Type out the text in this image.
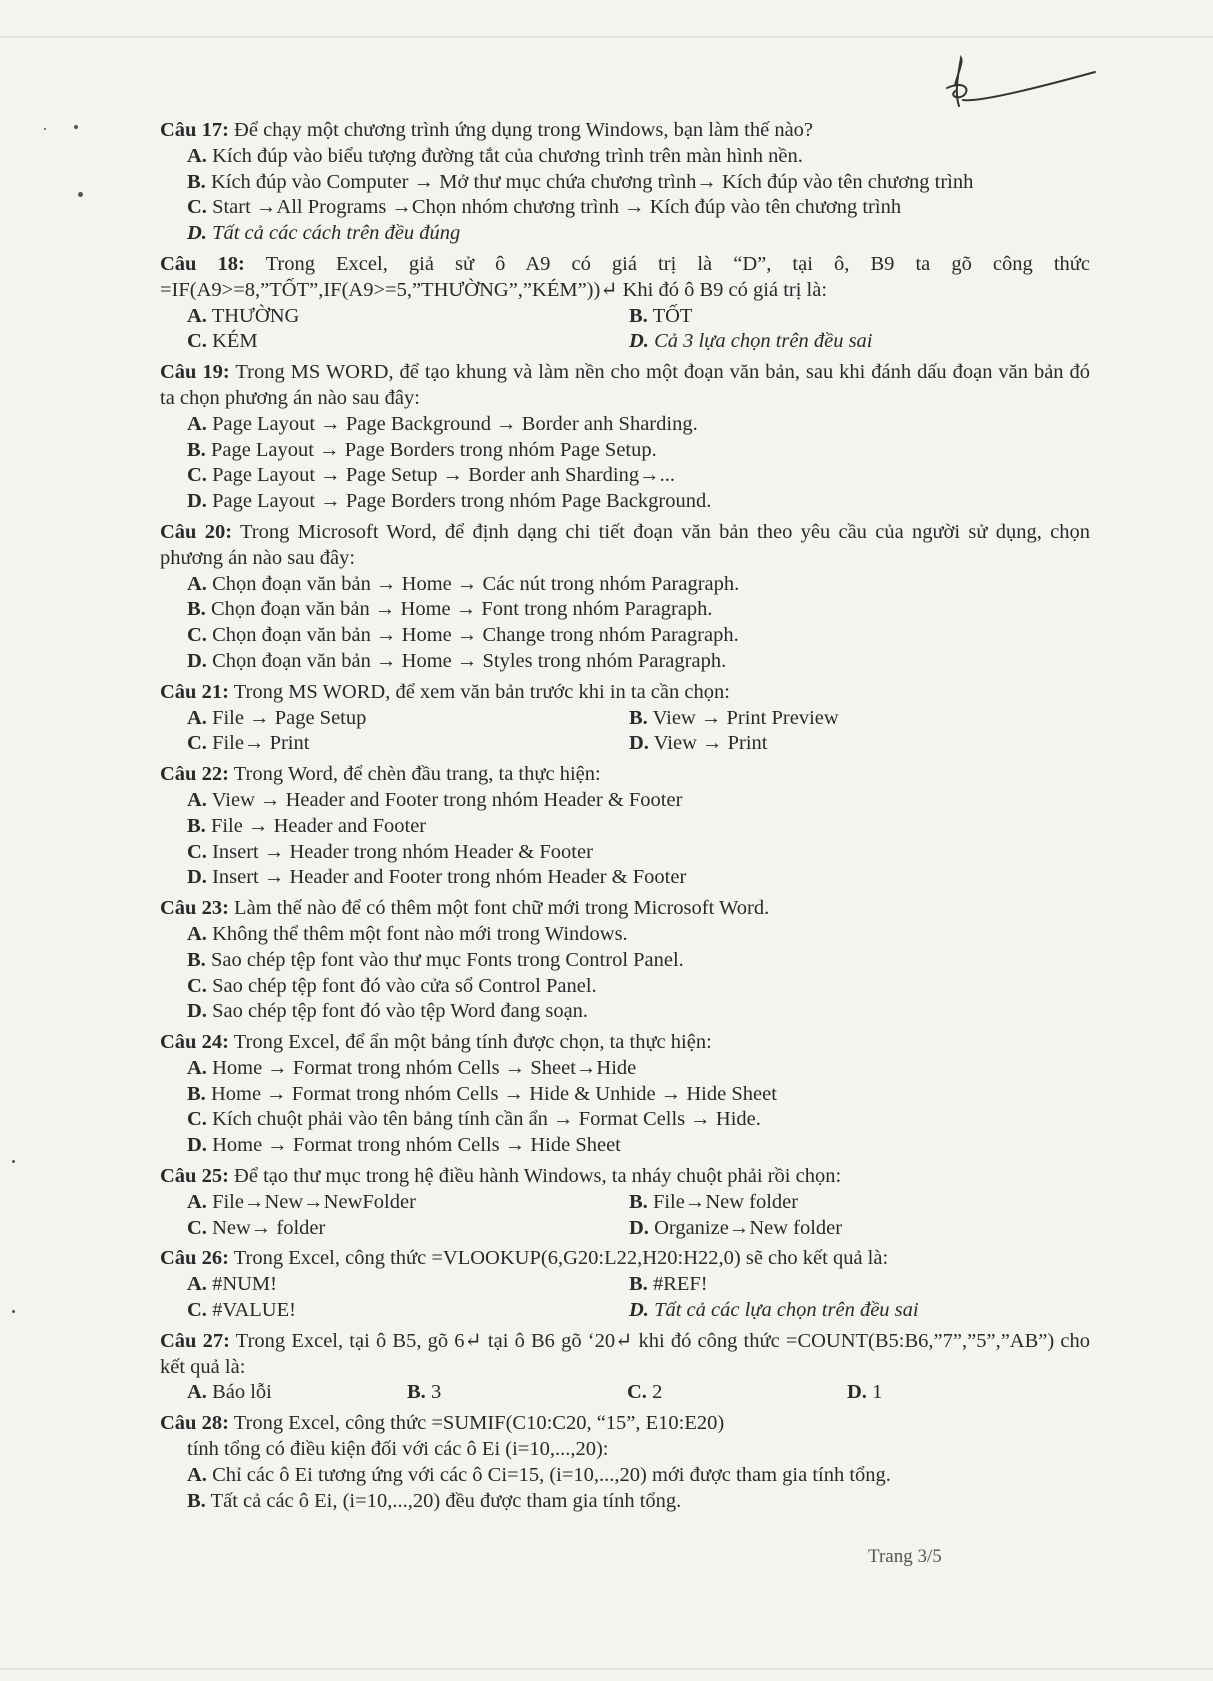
Câu 17: Để chạy một chương trình ứng dụng trong Windows, bạn làm thế nào?
A. Kích đúp vào biểu tượng đường tắt của chương trình trên màn hình nền.
B. Kích đúp vào Computer → Mở thư mục chứa chương trình→ Kích đúp vào tên chương trình
C. Start →All Programs →Chọn nhóm chương trình → Kích đúp vào tên chương trình
D. Tất cả các cách trên đều đúng
Câu 18: Trong Excel, giả sử ô A9 có giá trị là “D”, tại ô, B9 ta gõ công thức =IF(A9>=8,”TỐT”,IF(A9>=5,”THƯỜNG”,”KÉM”))↵ Khi đó ô B9 có giá trị là:
A. THƯỜNG	B. TỐT
C. KÉM	D. Cả 3 lựa chọn trên đều sai
Câu 19: Trong MS WORD, để tạo khung và làm nền cho một đoạn văn bản, sau khi đánh dấu đoạn văn bản đó ta chọn phương án nào sau đây:
A. Page Layout → Page Background → Border anh Sharding.
B. Page Layout → Page Borders trong nhóm Page Setup.
C. Page Layout → Page Setup → Border anh Sharding→...
D. Page Layout → Page Borders trong nhóm Page Background.
Câu 20: Trong Microsoft Word, để định dạng chi tiết đoạn văn bản theo yêu cầu của người sử dụng, chọn phương án nào sau đây:
A. Chọn đoạn văn bản → Home → Các nút trong nhóm Paragraph.
B. Chọn đoạn văn bản → Home → Font trong nhóm Paragraph.
C. Chọn đoạn văn bản → Home → Change trong nhóm Paragraph.
D. Chọn đoạn văn bản → Home → Styles trong nhóm Paragraph.
Câu 21: Trong MS WORD, để xem văn bản trước khi in ta cần chọn:
A. File → Page Setup	B. View → Print Preview
C. File→ Print	D. View → Print
Câu 22: Trong Word, để chèn đầu trang, ta thực hiện:
A. View → Header and Footer trong nhóm Header & Footer
B. File → Header and Footer
C. Insert → Header trong nhóm Header & Footer
D. Insert → Header and Footer trong nhóm Header & Footer
Câu 23: Làm thế nào để có thêm một font chữ mới trong Microsoft Word.
A. Không thể thêm một font nào mới trong Windows.
B. Sao chép tệp font vào thư mục Fonts trong Control Panel.
C. Sao chép tệp font đó vào cửa sổ Control Panel.
D. Sao chép tệp font đó vào tệp Word đang soạn.
Câu 24: Trong Excel, để ẩn một bảng tính được chọn, ta thực hiện:
A. Home → Format trong nhóm Cells → Sheet→Hide
B. Home → Format trong nhóm Cells → Hide & Unhide → Hide Sheet
C. Kích chuột phải vào tên bảng tính cần ẩn → Format Cells → Hide.
D. Home → Format trong nhóm Cells → Hide Sheet
Câu 25: Để tạo thư mục trong hệ điều hành Windows, ta nháy chuột phải rồi chọn:
A. File→New→NewFolder	B. File→New folder
C. New→ folder	D. Organize→New folder
Câu 26: Trong Excel, công thức =VLOOKUP(6,G20:L22,H20:H22,0) sẽ cho kết quả là:
A. #NUM!	B. #REF!
C. #VALUE!	D. Tất cả các lựa chọn trên đều sai
Câu 27: Trong Excel, tại ô B5, gõ 6↵ tại ô B6 gõ ‘20↵ khi đó công thức =COUNT(B5:B6,”7”,”5”,”AB”) cho kết quả là:
A. Báo lỗi	B. 3	C. 2	D. 1
Câu 28: Trong Excel, công thức =SUMIF(C10:C20, “15”, E10:E20)
tính tổng có điều kiện đối với các ô Ei (i=10,...,20):
A. Chỉ các ô Ei tương ứng với các ô Ci=15, (i=10,...,20) mới được tham gia tính tổng.
B. Tất cả các ô Ei, (i=10,...,20) đều được tham gia tính tổng.
Trang 3/5
